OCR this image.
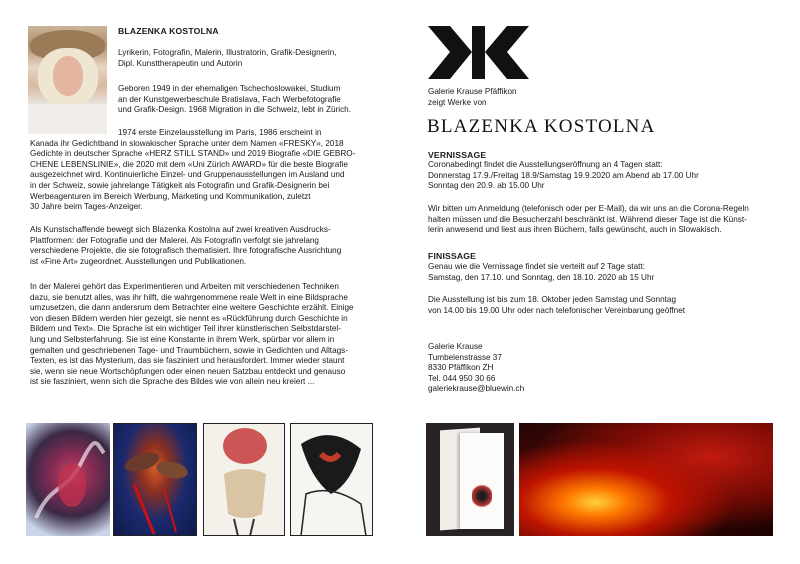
BLAZENKA KOSTOLNA

Lyrikerin, Fotografin, Malerin, Illustratorin, Grafik-Designerin,

Dipl. Kunsttherapeutin und Autorin

Geboren 1949 in der ehemaligen Tschechoslowakei, Studium

an der Kunstgewerbeschule Bratislava, Fach Werbefotografie

und Grafik-Design. 1968 Migration in die Schweiz, lebt in Zürich.

1974 erste Einzelausstellung im Paris, 1986 erscheint in

Kanada ihr Gedichtband in slowakischer Sprache unter dem Namen «FRESKY», 2018

Gedichte in deutscher Sprache «HERZ STILL STAND» und 2019 Biografie «DIE GEBRO-

CHENE LEBENSLINIE», die 2020 mit dem «Uni Zürich AWARD» für die beste Biografie

ausgezeichnet wird. Kontinuierliche Einzel- und Gruppenausstellungen im Ausland und

in der Schweiz, sowie jahrelange Tätigkeit als Fotografin und Grafik-Designerin bei

Werbeagenturen im Bereich Werbung, Marketing und Kommunikation, zuletzt

30 Jahre beim Tages-Anzeiger.

Als Kunstschaffende bewegt sich Blazenka Kostolna auf zwei kreativen Ausdrucks-

Plattformen: der Fotografie und der Malerei. Als Fotografin verfolgt sie jahrelang

verschiedene Projekte, die sie fotografisch thematisiert. Ihre fotografische Ausrichtung

ist «Fine Art» zugeordnet. Ausstellungen und Publikationen.

In der Malerei gehört das Experimentieren und Arbeiten mit verschiedenen Techniken

dazu, sie benutzt alles, was ihr hilft, die wahrgenommene reale Welt in eine Bildsprache

umzusetzen, die dann andersrum dem Betrachter eine weitere Geschichte erzählt. Einige

von diesen Bildern werden hier gezeigt, sie nennt es «Rückführung durch Geschichte in

Bildern und Text». Die Sprache ist ein wichtiger Teil ihrer künstlerischen Selbstdarstel-

lung und Selbsterfahrung. Sie ist eine Konstante in ihrem Werk, spürbar vor allem in

gemalten und geschriebenen Tage- und Traumbüchern, sowie in Gedichten und Alltags-

Texten, es ist das Mysterium, das sie fasziniert und herausfordert. Immer wieder staunt

sie, wenn sie neue Wortschöpfungen oder einen neuen Satzbau entdeckt und genauso

ist sie fasziniert, wenn sich die Sprache des Bildes wie von allein neu kreiert ...

Galerie Krause Pfäffikon
zeigt Werke von
BLAZENKA KOSTOLNA
VERNISSAGE

Coronabedingt findet die Ausstellungseröffnung an 4 Tagen statt:

Donnerstag 17.9./Freitag 18.9/Samstag 19.9.2020 am Abend ab 17.00 Uhr

Sonntag den 20.9. ab 15.00 Uhr

Wir bitten um Anmeldung (telefonisch oder per E-Mail), da wir uns an die Corona-Regeln

halten müssen und die Besucherzahl beschränkt ist. Während dieser Tage ist die Künst-

lerin anwesend und liest aus ihren Büchern, falls gewünscht, auch in Slowakisch.

FINISSAGE

Genau wie die Vernissage findet sie verteilt auf 2 Tage statt:

Samstag, den 17.10. und Sonntag, den 18.10. 2020 ab 15 Uhr

Die Ausstellung ist bis zum 18. Oktober jeden Samstag und Sonntag

von 14.00 bis 19.00 Uhr oder nach telefonischer Vereinbarung geöffnet

Galerie Krause

Tumbelenstrasse 37

8330 Pfäffikon ZH

Tel. 044 950 30 66

galeriekrause@bluewin.ch
